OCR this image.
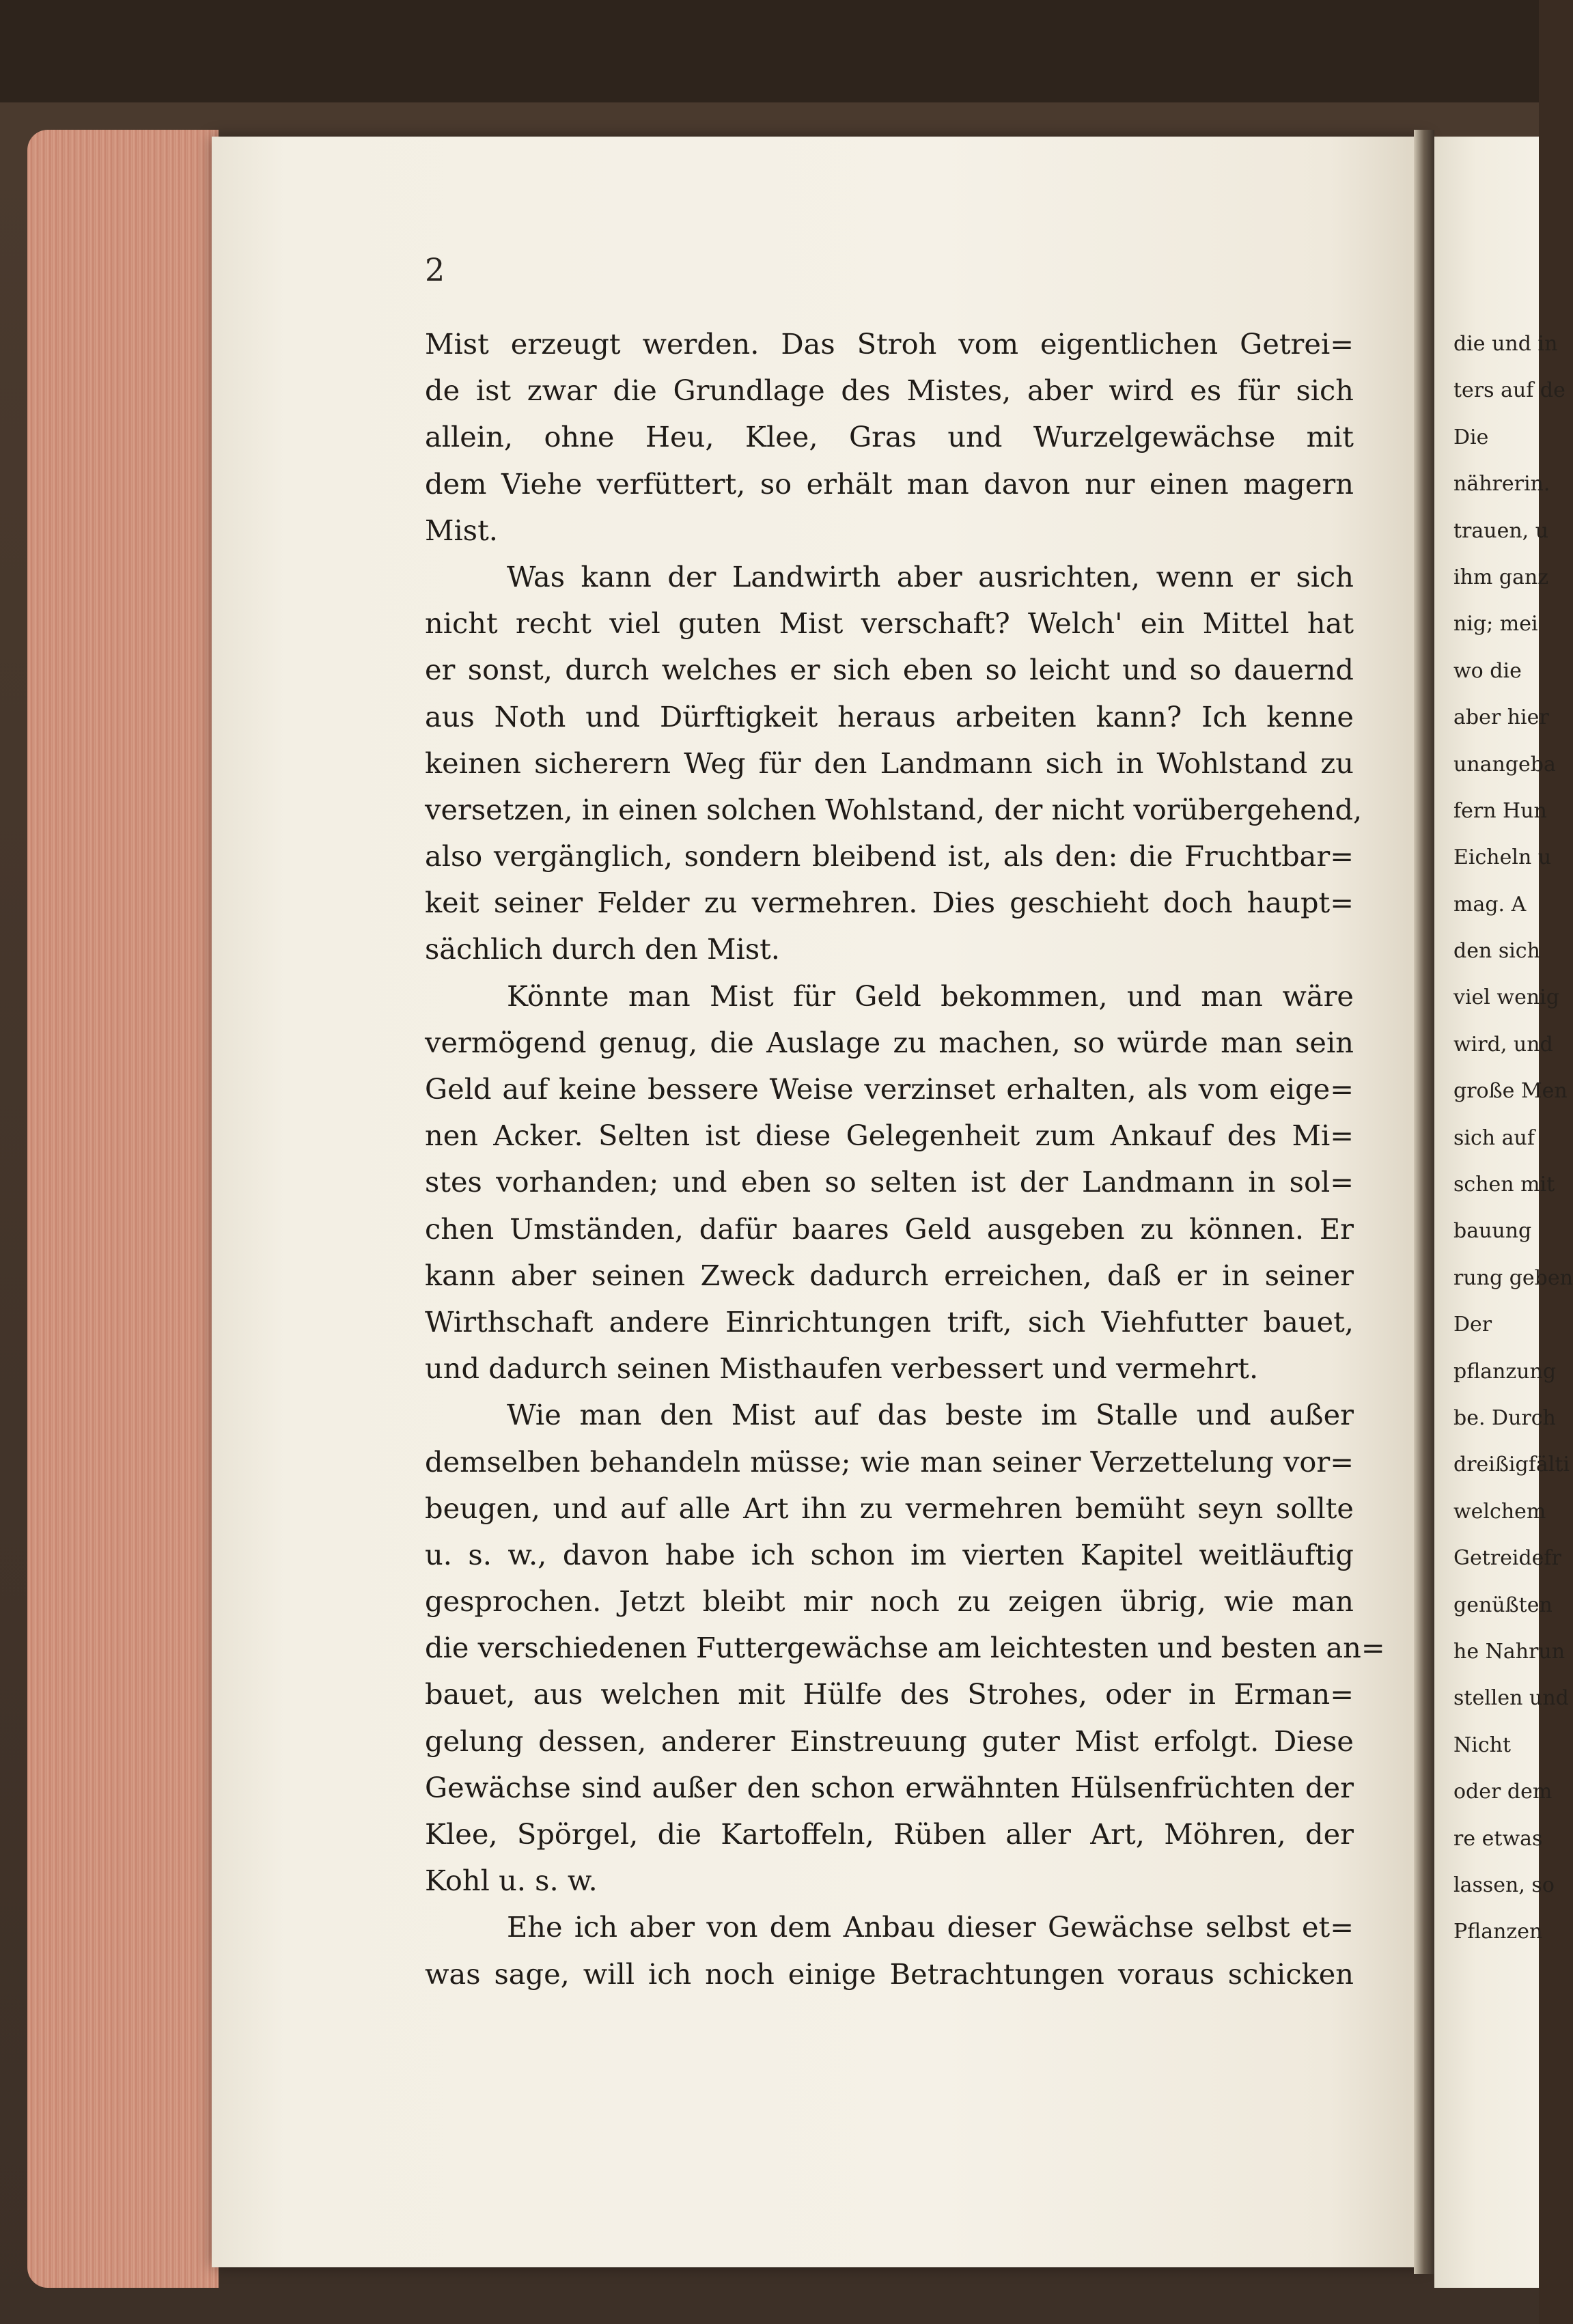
2

Mist erzeugt werden. Das Stroh vom eigentlichen Getrei=
de ist zwar die Grundlage des Mistes, aber wird es für sich
allein, ohne Heu, Klee, Gras und Wurzelgewächse mit
dem Viehe verfüttert, so erhält man davon nur einen magern
Mist.
Was kann der Landwirth aber ausrichten, wenn er sich
nicht recht viel guten Mist verschaft? Welch' ein Mittel hat
er sonst, durch welches er sich eben so leicht und so dauernd
aus Noth und Dürftigkeit heraus arbeiten kann? Ich kenne
keinen sicherern Weg für den Landmann sich in Wohlstand zu
versetzen, in einen solchen Wohlstand, der nicht vorübergehend,
also vergänglich, sondern bleibend ist, als den: die Fruchtbar=
keit seiner Felder zu vermehren. Dies geschieht doch haupt=
sächlich durch den Mist.
Könnte man Mist für Geld bekommen, und man wäre
vermögend genug, die Auslage zu machen, so würde man sein
Geld auf keine bessere Weise verzinset erhalten, als vom eige=
nen Acker. Selten ist diese Gelegenheit zum Ankauf des Mi=
stes vorhanden; und eben so selten ist der Landmann in sol=
chen Umständen, dafür baares Geld ausgeben zu können. Er
kann aber seinen Zweck dadurch erreichen, daß er in seiner
Wirthschaft andere Einrichtungen trift, sich Viehfutter bauet,
und dadurch seinen Misthaufen verbessert und vermehrt.
Wie man den Mist auf das beste im Stalle und außer
demselben behandeln müsse; wie man seiner Verzettelung vor=
beugen, und auf alle Art ihn zu vermehren bemüht seyn sollte
u. s. w., davon habe ich schon im vierten Kapitel weitläuftig
gesprochen. Jetzt bleibt mir noch zu zeigen übrig, wie man
die verschiedenen Futtergewächse am leichtesten und besten an=
bauet, aus welchen mit Hülfe des Strohes, oder in Erman=
gelung dessen, anderer Einstreuung guter Mist erfolgt. Diese
Gewächse sind außer den schon erwähnten Hülsenfrüchten der
Klee, Spörgel, die Kartoffeln, Rüben aller Art, Möhren, der
Kohl u. s. w.
Ehe ich aber von dem Anbau dieser Gewächse selbst et=
was sage, will ich noch einige Betrachtungen voraus schicken
die und in
ters auf de
Die
nährerin.
trauen, u
ihm ganz
nig; mei
wo die
aber hier
unangeba
fern Hun
Eicheln u
mag. A
den sich
viel wenig
wird, und
große Men
sich auf
schen mit
bauung
rung geben
Der
pflanzung
be. Durch
dreißigfälti
welchem
Getreidefr
genüßten
he Nahrun
stellen und
Nicht
oder dem
re etwas
lassen, so
Pflanzen
